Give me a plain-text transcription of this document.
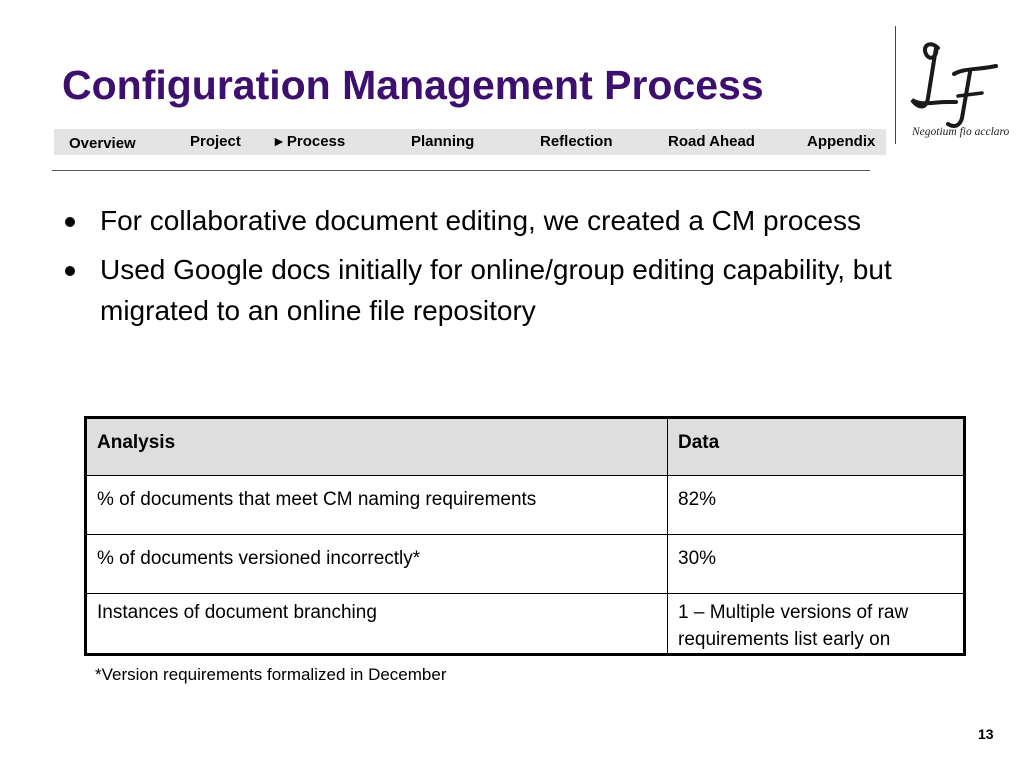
Configuration Management Process
Overview	Project ►Process	Planning	Reflection	Road Ahead	Appendix
Negotium fio acclaro
For collaborative document editing, we created a CM process
Used Google docs initially for online/group editing capability, but migrated to an online file repository
Analysis	Data
% of documents that meet CM naming requirements	82%
% of documents versioned incorrectly*	30%
Instances of document branching	1 – Multiple versions of raw requirements list early on
*Version requirements formalized in December
13
